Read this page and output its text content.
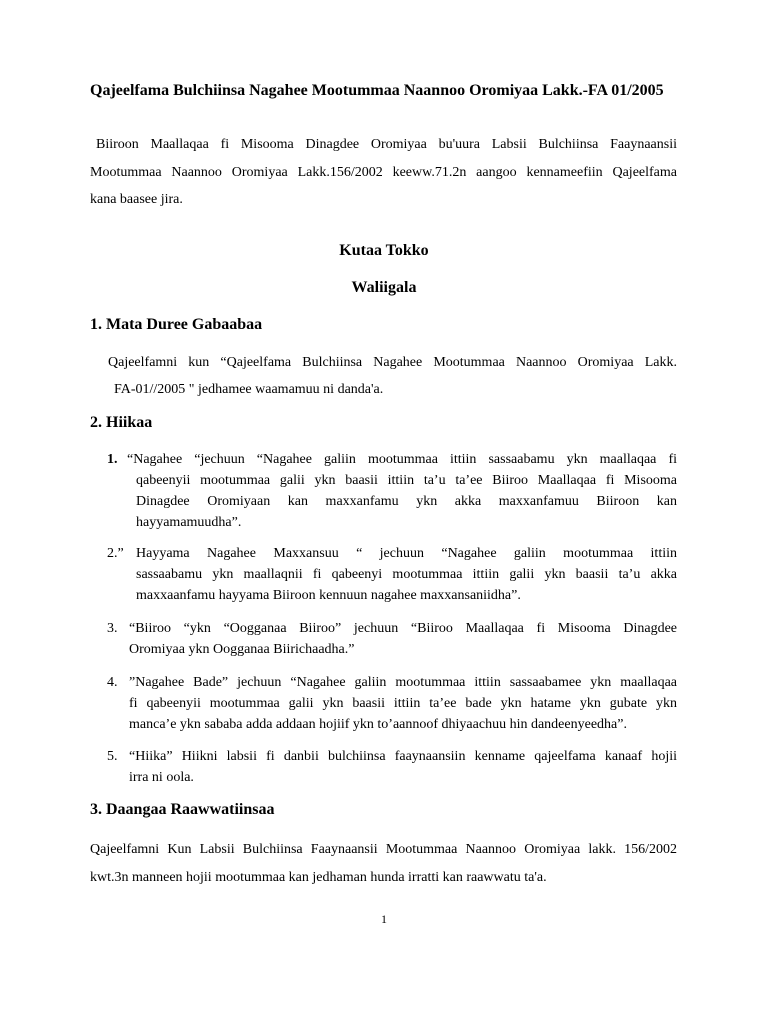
Qajeelfama Bulchiinsa Nagahee Mootummaa Naannoo Oromiyaa Lakk.-FA 01/2005
Biiroon Maallaqaa fi Misooma Dinagdee Oromiyaa bu'uura Labsii Bulchiinsa Faaynaansii
Mootummaa Naannoo Oromiyaa Lakk.156/2002 keeww.71.2n aangoo kennameefiin Qajeelfama
kana baasee jira.
Kutaa Tokko
Waliigala
1. Mata Duree Gabaabaa
Qajeelfamni kun “Qajeelfama Bulchiinsa Nagahee Mootummaa Naannoo Oromiyaa Lakk.
FA-01//2005 " jedhamee waamamuu ni danda'a.
2. Hiikaa
1. “Nagahee “jechuun “Nagahee galiin mootummaa ittiin sassaabamu ykn maallaqaa fi
qabeenyii mootummaa galii ykn baasii ittiin ta’u ta’ee Biiroo Maallaqaa fi Misooma
Dinagdee Oromiyaan kan maxxanfamu ykn akka maxxanfamuu Biiroon kan
hayyamamuudha”.
2.” Hayyama Nagahee Maxxansuu “ jechuun “Nagahee galiin mootummaa ittiin
sassaabamu ykn maallaqnii fi qabeenyi mootummaa ittiin galii ykn baasii ta’u akka
maxxaanfamu hayyama Biiroon kennuun nagahee maxxansaniidha”.
3. “Biiroo “ykn “Oogganaa Biiroo” jechuun “Biiroo Maallaqaa fi Misooma Dinagdee
Oromiyaa ykn Oogganaa Biirichaadha.”
4. ”Nagahee Bade” jechuun “Nagahee galiin mootummaa ittiin sassaabamee ykn maallaqaa
fi qabeenyii mootummaa galii ykn baasii ittiin ta’ee bade ykn hatame ykn gubate ykn
manca’e ykn sababa adda addaan hojiif ykn to’aannoof dhiyaachuu hin dandeenyeedha”.
5. “Hiika” Hiikni labsii fi danbii bulchiinsa faaynaansiin kenname qajeelfama kanaaf hojii
irra ni oola.
3. Daangaa Raawwatiinsaa
Qajeelfamni Kun Labsii Bulchiinsa Faaynaansii Mootummaa Naannoo Oromiyaa lakk. 156/2002
kwt.3n manneen hojii mootummaa kan jedhaman hunda irratti kan raawwatu ta'a.
1
